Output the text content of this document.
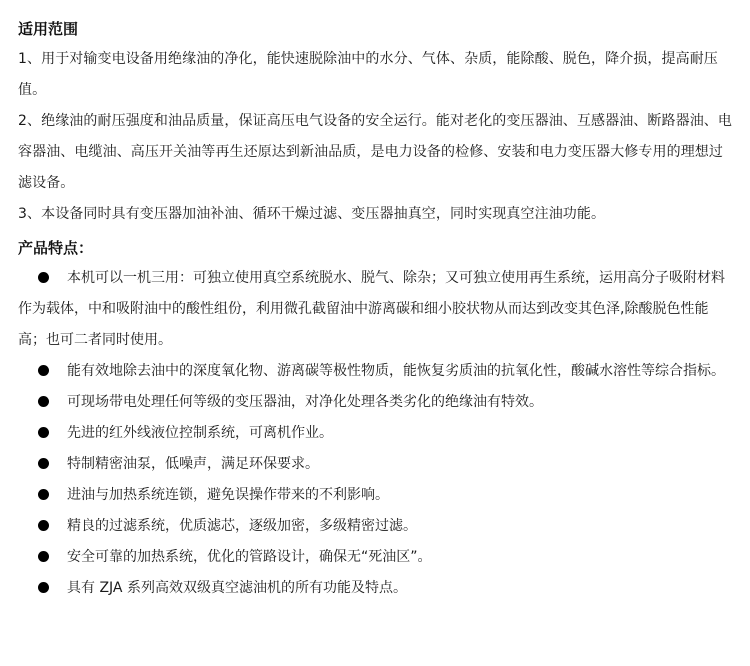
适用范围

1、用于对输变电设备用绝缘油的净化，能快速脱除油中的水分、气体、杂质，能除酸、脱色，降介损，提高耐压值。

2、绝缘油的耐压强度和油品质量，保证高压电气设备的安全运行。能对老化的变压器油、互感器油、断路器油、电容器油、电缆油、高压开关油等再生还原达到新油品质，是电力设备的检修、安装和电力变压器大修专用的理想过滤设备。

3、本设备同时具有变压器加油补油、循环干燥过滤、变压器抽真空，同时实现真空注油功能。

产品特点：
本机可以一机三用：可独立使用真空系统脱水、脱气、除杂；又可独立使用再生系统，运用高分子吸附材料作为载体，中和吸附油中的酸性组份，利用微孔截留油中游离碳和细小胶状物从而达到改变其色泽,除酸脱色性能高；也可二者同时使用。
能有效地除去油中的深度氧化物、游离碳等极性物质，能恢复劣质油的抗氧化性，酸碱水溶性等综合指标。
可现场带电处理任何等级的变压器油，对净化处理各类劣化的绝缘油有特效。
先进的红外线液位控制系统，可离机作业。
特制精密油泵，低噪声，满足环保要求。
进油与加热系统连锁，避免误操作带来的不利影响。
精良的过滤系统，优质滤芯，逐级加密，多级精密过滤。
安全可靠的加热系统，优化的管路设计，确保无“死油区”。
具有 ZJA 系列高效双级真空滤油机的所有功能及特点。
